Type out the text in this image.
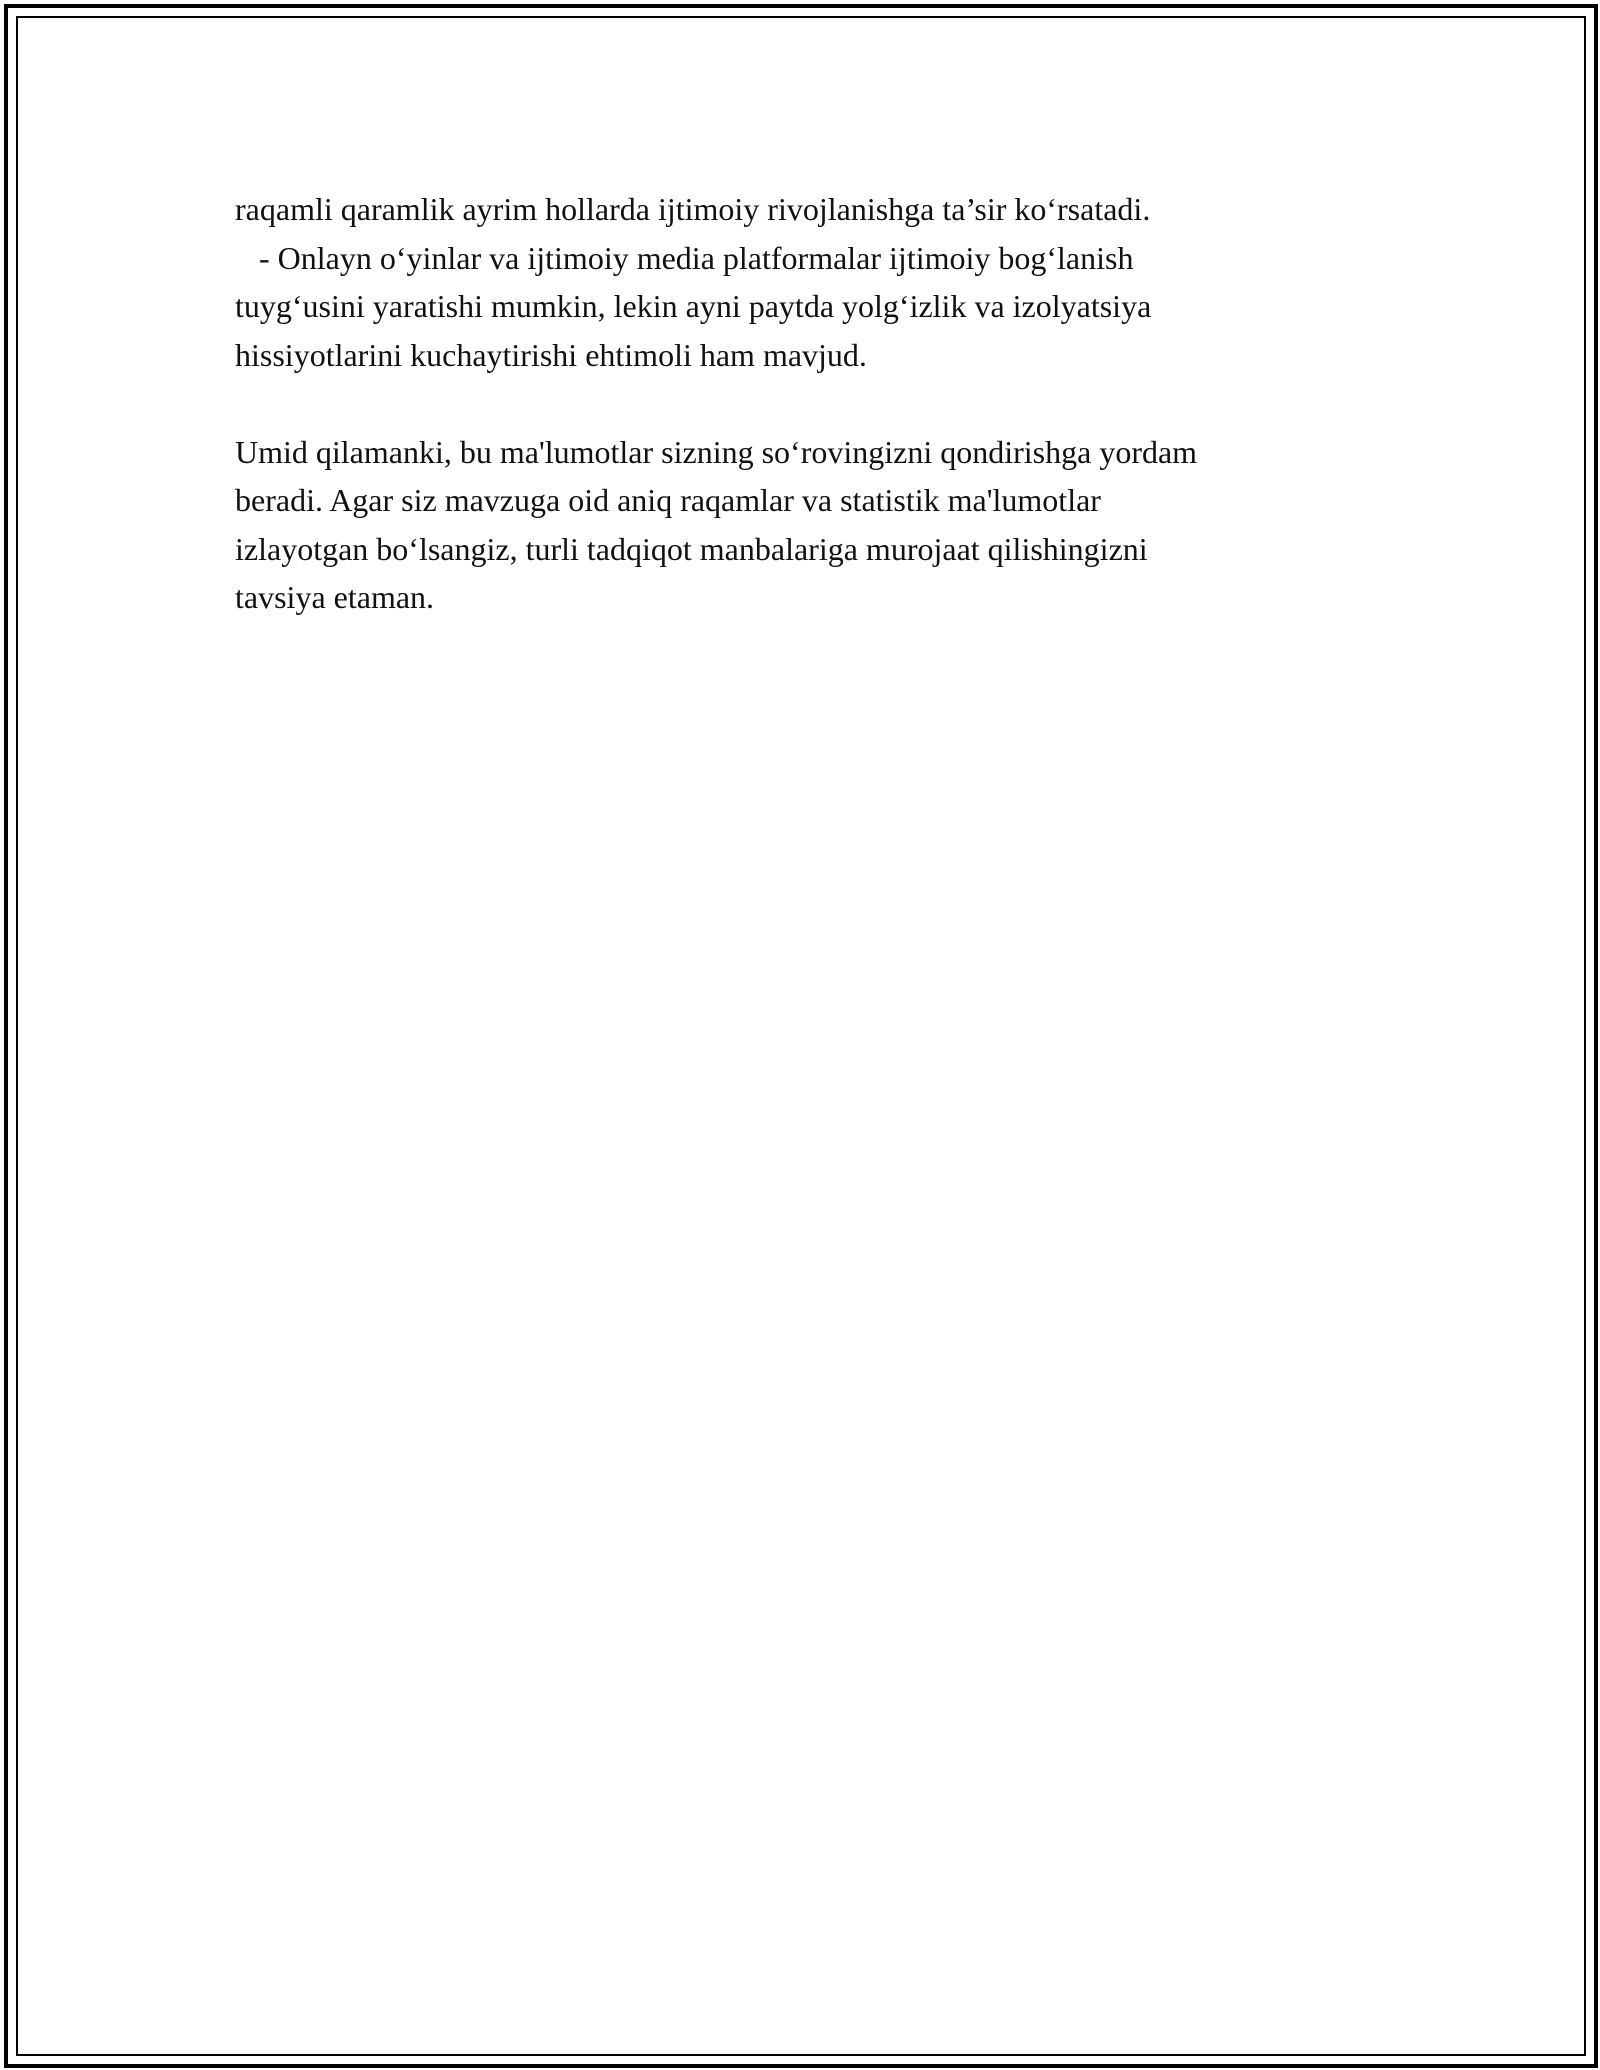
raqamli qaramlik ayrim hollarda ijtimoiy rivojlanishga ta’sir ko‘rsatadi.

- Onlayn o‘yinlar va ijtimoiy media platformalar ijtimoiy bog‘lanish

tuyg‘usini yaratishi mumkin, lekin ayni paytda yolg‘izlik va izolyatsiya

hissiyotlarini kuchaytirishi ehtimoli ham mavjud.

Umid qilamanki, bu ma'lumotlar sizning so‘rovingizni qondirishga yordam

beradi. Agar siz mavzuga oid aniq raqamlar va statistik ma'lumotlar

izlayotgan bo‘lsangiz, turli tadqiqot manbalariga murojaat qilishingizni

tavsiya etaman.
